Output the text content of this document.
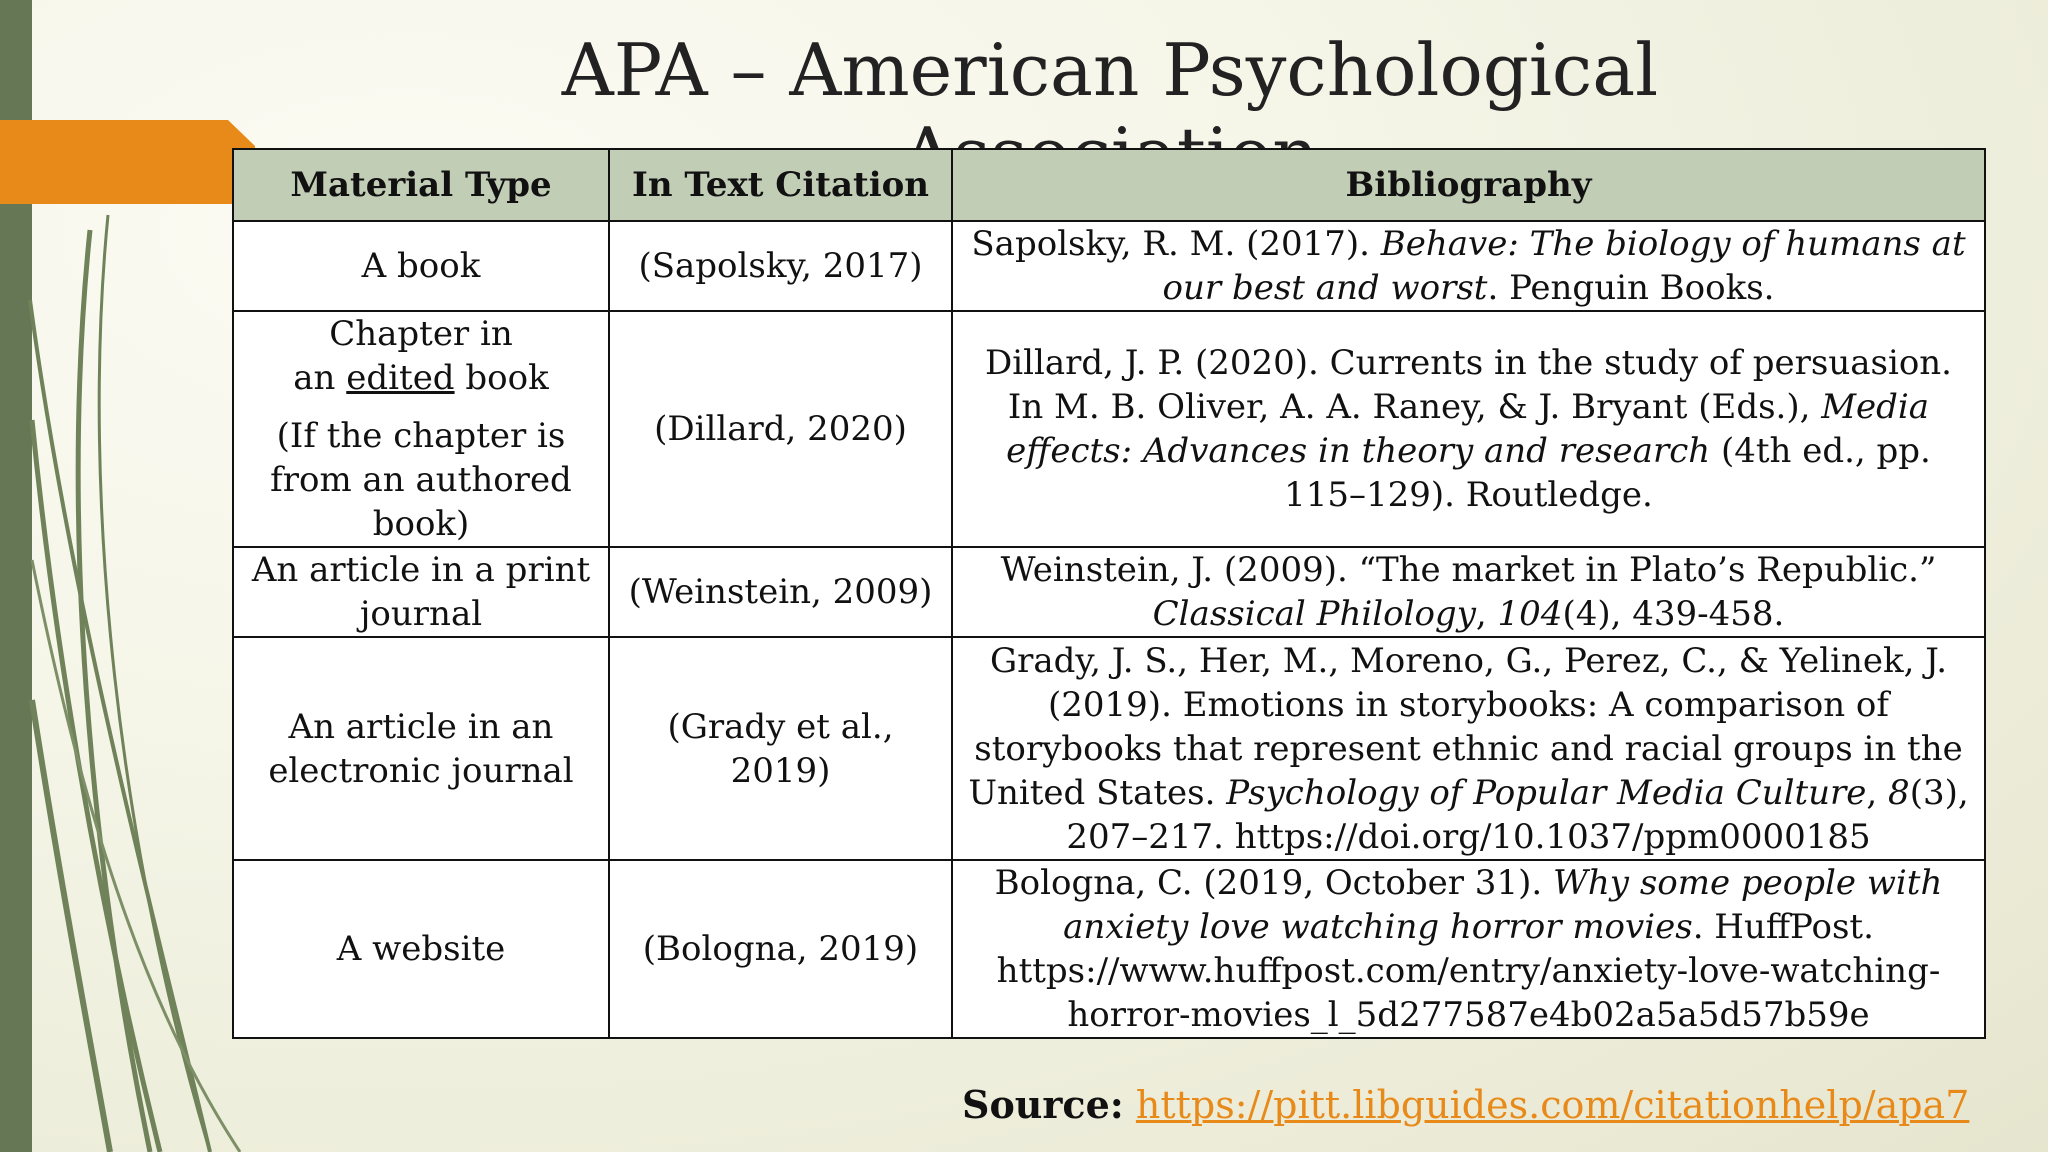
APA – American Psychological
Material Type	In Text Citation	Bibliography
A book	(Sapolsky, 2017)	Sapolsky, R. M. (2017). Behave: The biology of humans at our best and worst. Penguin Books.

Chapter in
an edited book
(If the chapter is from an authored book)	(Dillard, 2020)	Dillard, J. P. (2020). Currents in the study of persuasion. In M. B. Oliver, A. A. Raney, & J. Bryant (Eds.), Media effects: Advances in theory and research (4th ed., pp. 115–129). Routledge.
An article in a print journal	(Weinstein, 2009)	Weinstein, J. (2009). “The market in Plato’s Republic.” Classical Philology, 104(4), 439-458.
An article in an electronic journal	(Grady et al., 2019)	Grady, J. S., Her, M., Moreno, G., Perez, C., & Yelinek, J. (2019). Emotions in storybooks: A comparison of storybooks that represent ethnic and racial groups in the United States. Psychology of Popular Media Culture, 8(3), 207–217. https://doi.org/10.1037/ppm0000185
A website	(Bologna, 2019)	Bologna, C. (2019, October 31). Why some people with anxiety love watching horror movies. HuffPost. https://www.huffpost.com/entry/anxiety-love-watching-horror-movies_l_5d277587e4b02a5a5d57b59e
Source: https://pitt.libguides.com/citationhelp/apa7
